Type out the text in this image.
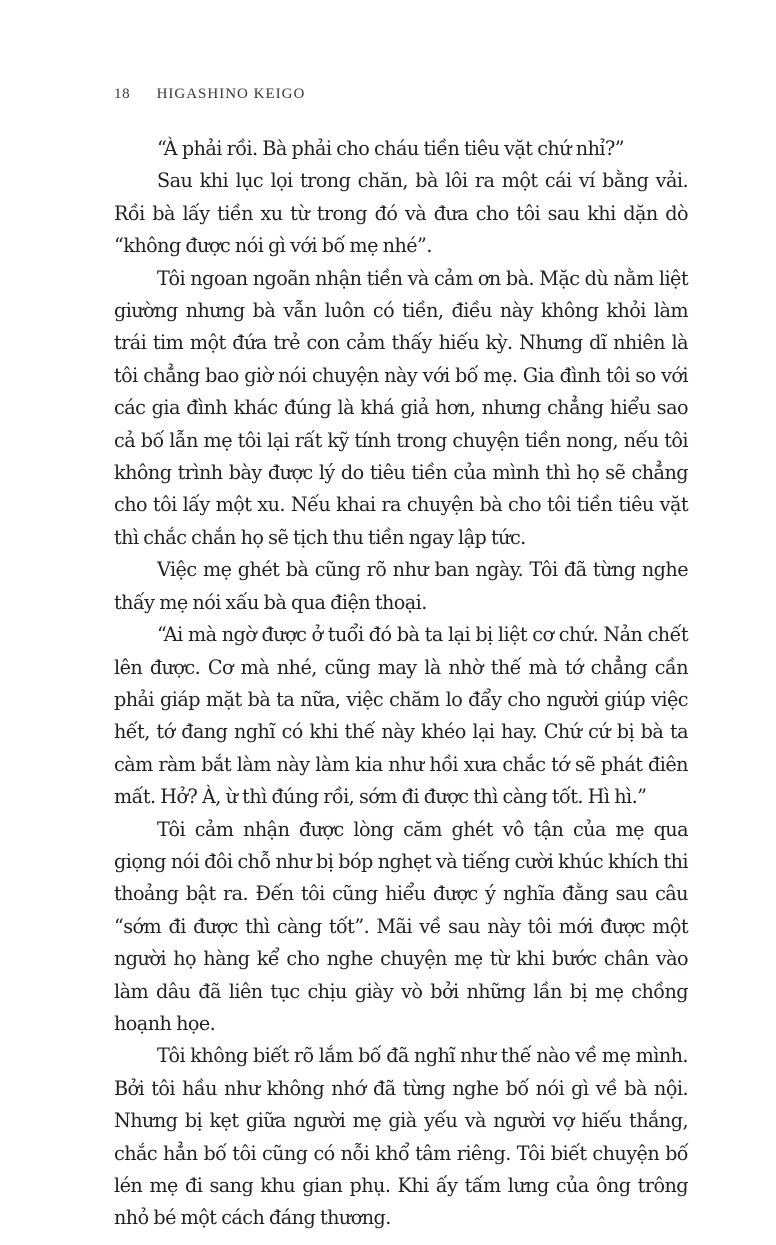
18 HIGASHINO KEIGO

“À phải rồi. Bà phải cho cháu tiền tiêu vặt chứ nhỉ?”

Sau khi lục lọi trong chăn, bà lôi ra một cái ví bằng vải. Rồi bà lấy tiền xu từ trong đó và đưa cho tôi sau khi dặn dò “không được nói gì với bố mẹ nhé”.

Tôi ngoan ngoãn nhận tiền và cảm ơn bà. Mặc dù nằm liệt giường nhưng bà vẫn luôn có tiền, điều này không khỏi làm trái tim một đứa trẻ con cảm thấy hiếu kỳ. Nhưng dĩ nhiên là tôi chẳng bao giờ nói chuyện này với bố mẹ. Gia đình tôi so với các gia đình khác đúng là khá giả hơn, nhưng chẳng hiểu sao cả bố lẫn mẹ tôi lại rất kỹ tính trong chuyện tiền nong, nếu tôi không trình bày được lý do tiêu tiền của mình thì họ sẽ chẳng cho tôi lấy một xu. Nếu khai ra chuyện bà cho tôi tiền tiêu vặt thì chắc chắn họ sẽ tịch thu tiền ngay lập tức.

Việc mẹ ghét bà cũng rõ như ban ngày. Tôi đã từng nghe thấy mẹ nói xấu bà qua điện thoại.

“Ai mà ngờ được ở tuổi đó bà ta lại bị liệt cơ chứ. Nản chết lên được. Cơ mà nhé, cũng may là nhờ thế mà tớ chẳng cần phải giáp mặt bà ta nữa, việc chăm lo đẩy cho người giúp việc hết, tớ đang nghĩ có khi thế này khéo lại hay. Chứ cứ bị bà ta càm ràm bắt làm này làm kia như hồi xưa chắc tớ sẽ phát điên mất. Hở? À, ừ thì đúng rồi, sớm đi được thì càng tốt. Hì hì.”

Tôi cảm nhận được lòng căm ghét vô tận của mẹ qua giọng nói đôi chỗ như bị bóp nghẹt và tiếng cười khúc khích thi thoảng bật ra. Đến tôi cũng hiểu được ý nghĩa đằng sau câu “sớm đi được thì càng tốt”. Mãi về sau này tôi mới được một người họ hàng kể cho nghe chuyện mẹ từ khi bước chân vào làm dâu đã liên tục chịu giày vò bởi những lần bị mẹ chồng hoạnh họe.

Tôi không biết rõ lắm bố đã nghĩ như thế nào về mẹ mình. Bởi tôi hầu như không nhớ đã từng nghe bố nói gì về bà nội. Nhưng bị kẹt giữa người mẹ già yếu và người vợ hiếu thắng, chắc hẳn bố tôi cũng có nỗi khổ tâm riêng. Tôi biết chuyện bố lén mẹ đi sang khu gian phụ. Khi ấy tấm lưng của ông trông nhỏ bé một cách đáng thương.
